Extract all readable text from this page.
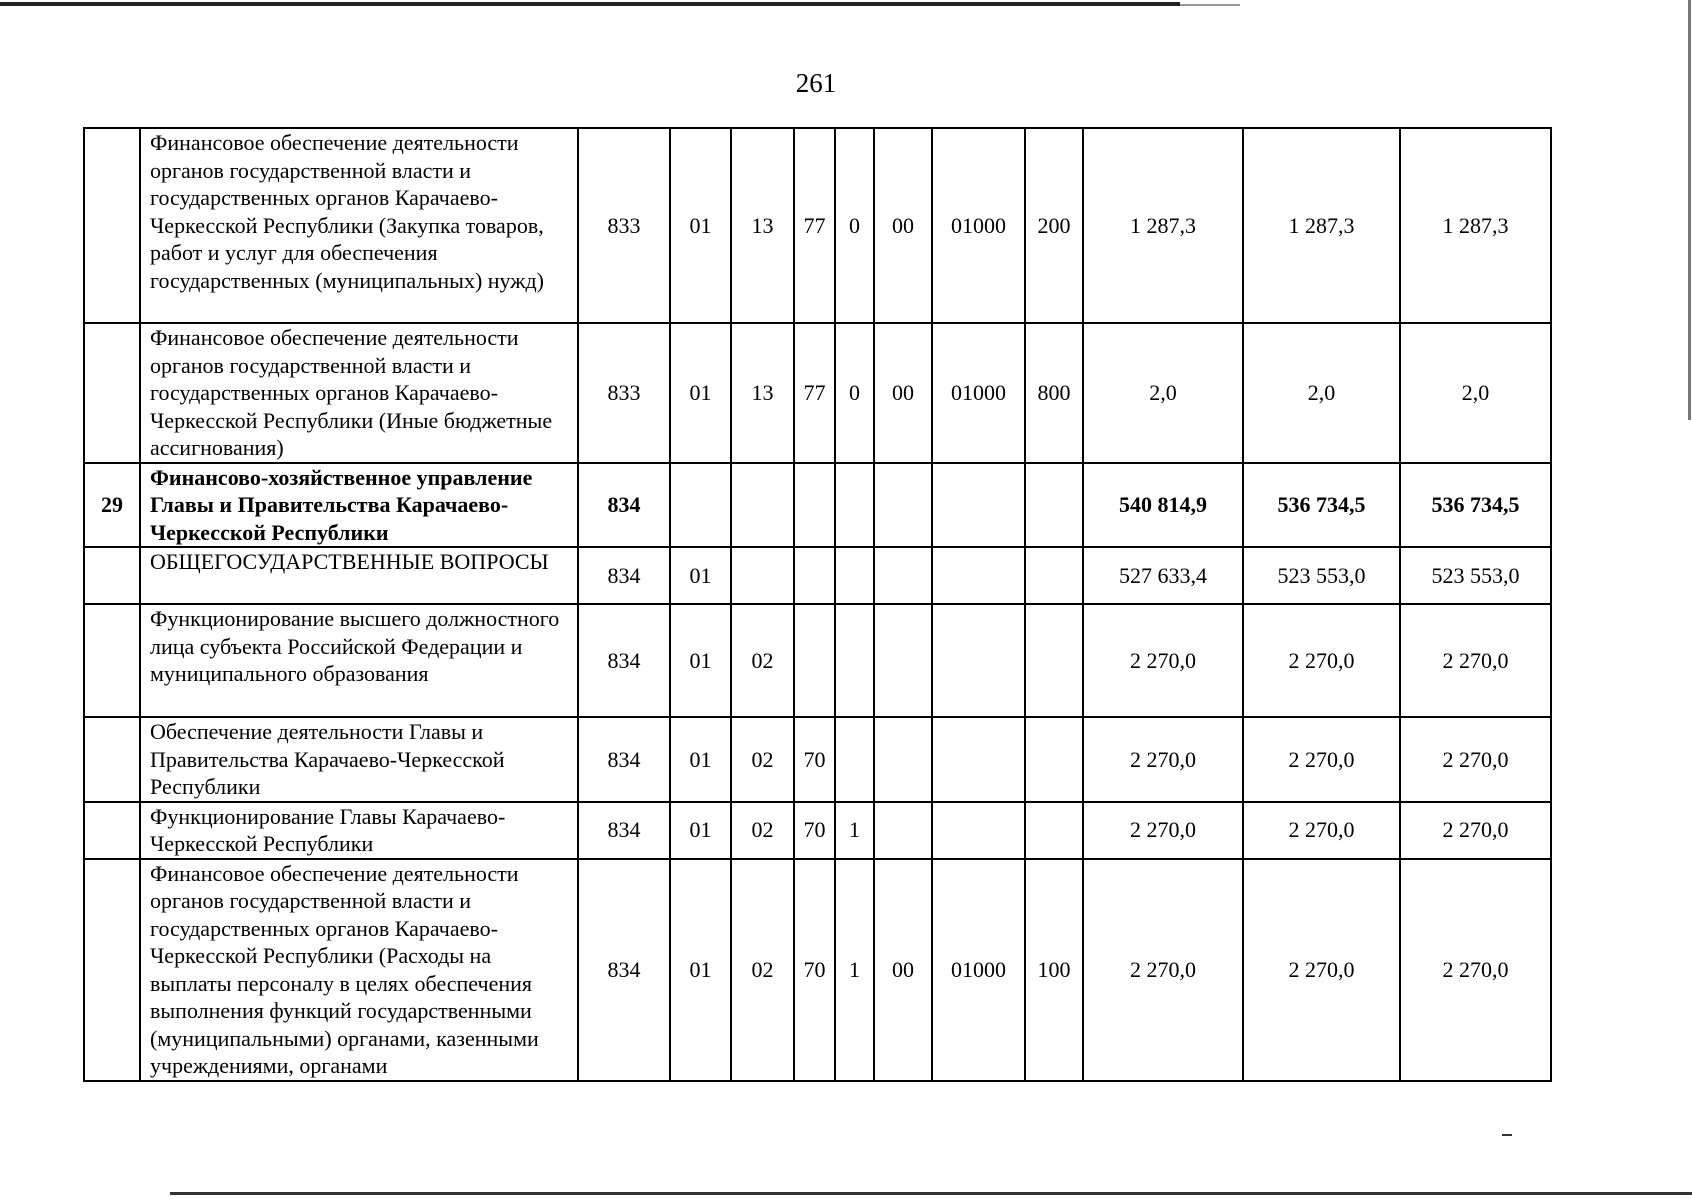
261
	Финансовое обеспечение деятельности органов государственной власти и государственных органов Карачаево-Черкесской Республики (Закупка товаров, работ и услуг для обеспечения государственных (муниципальных) нужд)	833	01	13	77	0	00	01000	200	1 287,3	1 287,3	1 287,3
	Финансовое обеспечение деятельности органов государственной власти и государственных органов Карачаево-Черкесской Республики (Иные бюджетные ассигнования)	833	01	13	77	0	00	01000	800	2,0	2,0	2,0
29	Финансово-хозяйственное управление Главы и Правительства Карачаево-Черкесской Республики	834								540 814,9	536 734,5	536 734,5
	ОБЩЕГОСУДАРСТВЕННЫЕ ВОПРОСЫ	834	01							527 633,4	523 553,0	523 553,0
	Функционирование высшего должностного лица субъекта Российской Федерации и муниципального образования	834	01	02						2 270,0	2 270,0	2 270,0
	Обеспечение деятельности Главы и Правительства Карачаево-Черкесской Республики	834	01	02	70					2 270,0	2 270,0	2 270,0
	Функционирование Главы Карачаево-Черкесской Республики	834	01	02	70	1				2 270,0	2 270,0	2 270,0
	Финансовое обеспечение деятельности органов государственной власти и государственных органов Карачаево-Черкесской Республики (Расходы на выплаты персоналу в целях обеспечения выполнения функций государственными (муниципальными) органами, казенными учреждениями, органами	834	01	02	70	1	00	01000	100	2 270,0	2 270,0	2 270,0
